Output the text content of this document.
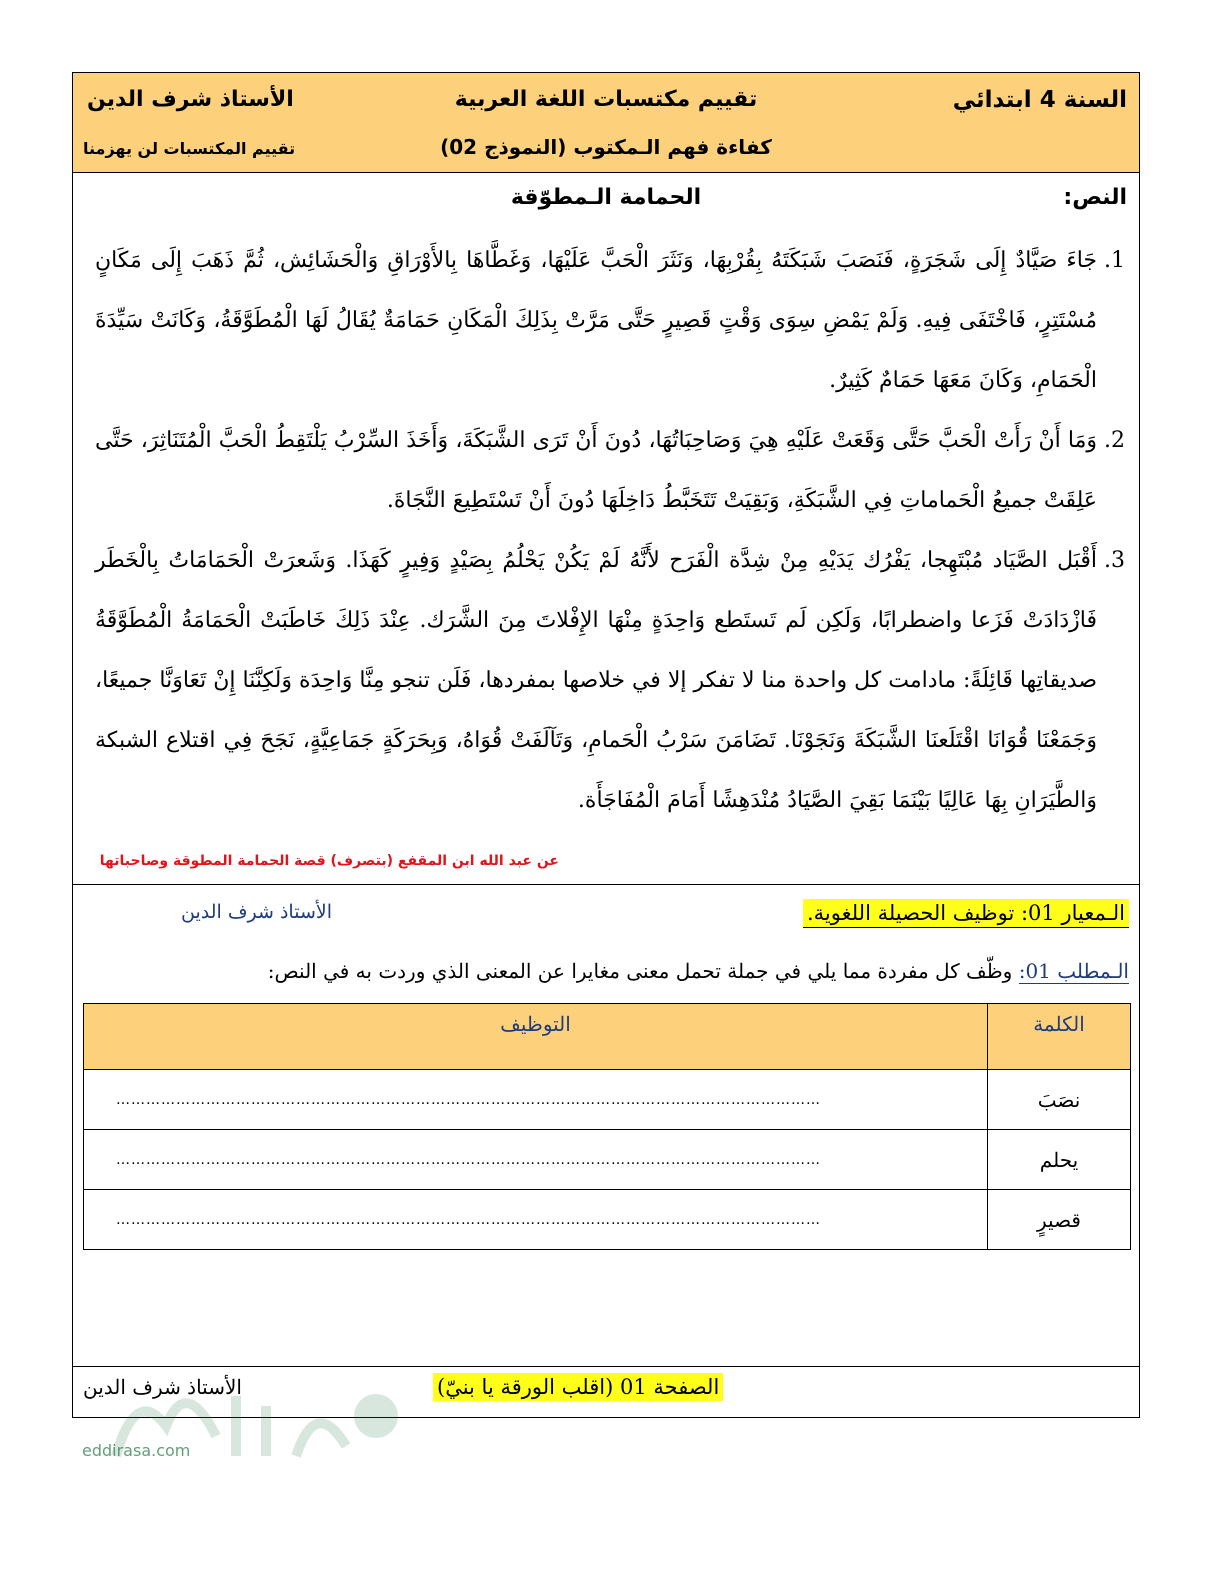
السنة 4 ابتدائي
تقييم مكتسبات اللغة العربية
الأستاذ شرف الدين
كفاءة فهم الـمكتوب (النموذج 02)
تقييم المكتسبات لن يهزمنا
النص:
الحمامة الـمطوّقة
1.
جَاءَ صَيَّادٌ إِلَى شَجَرَةٍ، فَنَصَبَ شَبَكَتَهُ بِقُرْبِهَا، وَنَثَرَ الْحَبَّ عَلَيْهَا، وَغَطَّاهَا بِالأَوْرَاقِ وَالْحَشَائِش، ثُمَّ ذَهَبَ إِلَى مَكَانٍ مُسْتَتِرٍ، فَاخْتَفَى فِيهِ. وَلَمْ يَمْضِ سِوَى وَقْتٍ قَصِيرٍ حَتَّى مَرَّتْ بِذَلِكَ الْمَكَانِ حَمَامَةٌ يُقَالُ لَهَا الْمُطَوَّقَةُ، وَكَانَتْ سَيِّدَةَ الْحَمَامِ، وَكَانَ مَعَهَا حَمَامٌ كَثِيرٌ.
2.
وَمَا أَنْ رَأَتْ الْحَبَّ حَتَّى وَقَعَتْ عَلَيْهِ هِيَ وَصَاحِبَاتُهَا، دُونَ أَنْ تَرَى الشَّبَكَةَ، وَأَخَذَ السِّرْبُ يَلْتَقِطُ الْحَبَّ الْمُتَنَاثِرَ، حَتَّى عَلِقَتْ جميعُ الْحَماماتِ فِي الشَّبَكَةِ، وَبَقِيَتْ تَتَخَبَّطُ دَاخِلَهَا دُونَ أَنْ تَسْتَطِيعَ النَّجَاةَ.
3.
أَقْبَل الصَّيَاد مُبْتَهِجا، يَفْرُك يَدَيْهِ مِنْ شِدَّة الْفَرَح لأَنَّهُ لَمْ يَكُنْ يَحْلُمُ بِصَيْدٍ وَفِيرٍ كَهَذَا. وَشَعرَتْ الْحَمَامَاتُ بِالْخَطَر فَازْدَادَتْ فَزَعا واضطرابًا، وَلَكِن لَم تَستَطع وَاحِدَةٍ مِنْهَا الإِفْلاتَ مِنَ الشَّرَك. عِنْدَ ذَلِكَ خَاطَبَتْ الْحَمَامَةُ الْمُطَوَّقَةُ صديقاتِها قَائِلَةً: مادامت كل واحدة منا لا تفكر إلا في خلاصها بمفردها، فَلَن تنجو مِنَّا وَاحِدَة وَلَكِنَّنَا إِنْ تَعَاوَنَّا جميعًا، وَجَمَعْنَا قُوَانَا اقْتَلَعنَا الشَّبَكَةَ وَنَجَوْنَا. تَضَامَنَ سَرْبُ الْحَمامِ، وَتَآلَفَتْ قُوَاهُ، وَبِحَرَكَةٍ جَمَاعِيَّةٍ، نَجَحَ فِي اقتلاع الشبكة وَالطَّيَرَانِ بِهَا عَالِيًا بَيْنَمَا بَقِيَ الصَّيَادُ مُنْدَهِشًا أَمَامَ الْمُفَاجَأَة.
عن عبد الله ابن المقفع (بتصرف) قصة الحمامة المطوقة وصاحباتها
الـمعيار 01: توظيف الحصيلة اللغوية.
الأستاذ شرف الدين
الـمطلب 01: وظّف كل مفردة مما يلي في جملة تحمل معنى مغايرا عن المعنى الذي وردت به في النص:
الكلمة	التوظيف
نصَبَ	……………………………………………………………………………………………………………………………
يحلم	……………………………………………………………………………………………………………………………
قصيرٍ	……………………………………………………………………………………………………………………………
الصفحة 01 (اقلب الورقة يا بنيّ)
الأستاذ شرف الدين
eddirasa.com
